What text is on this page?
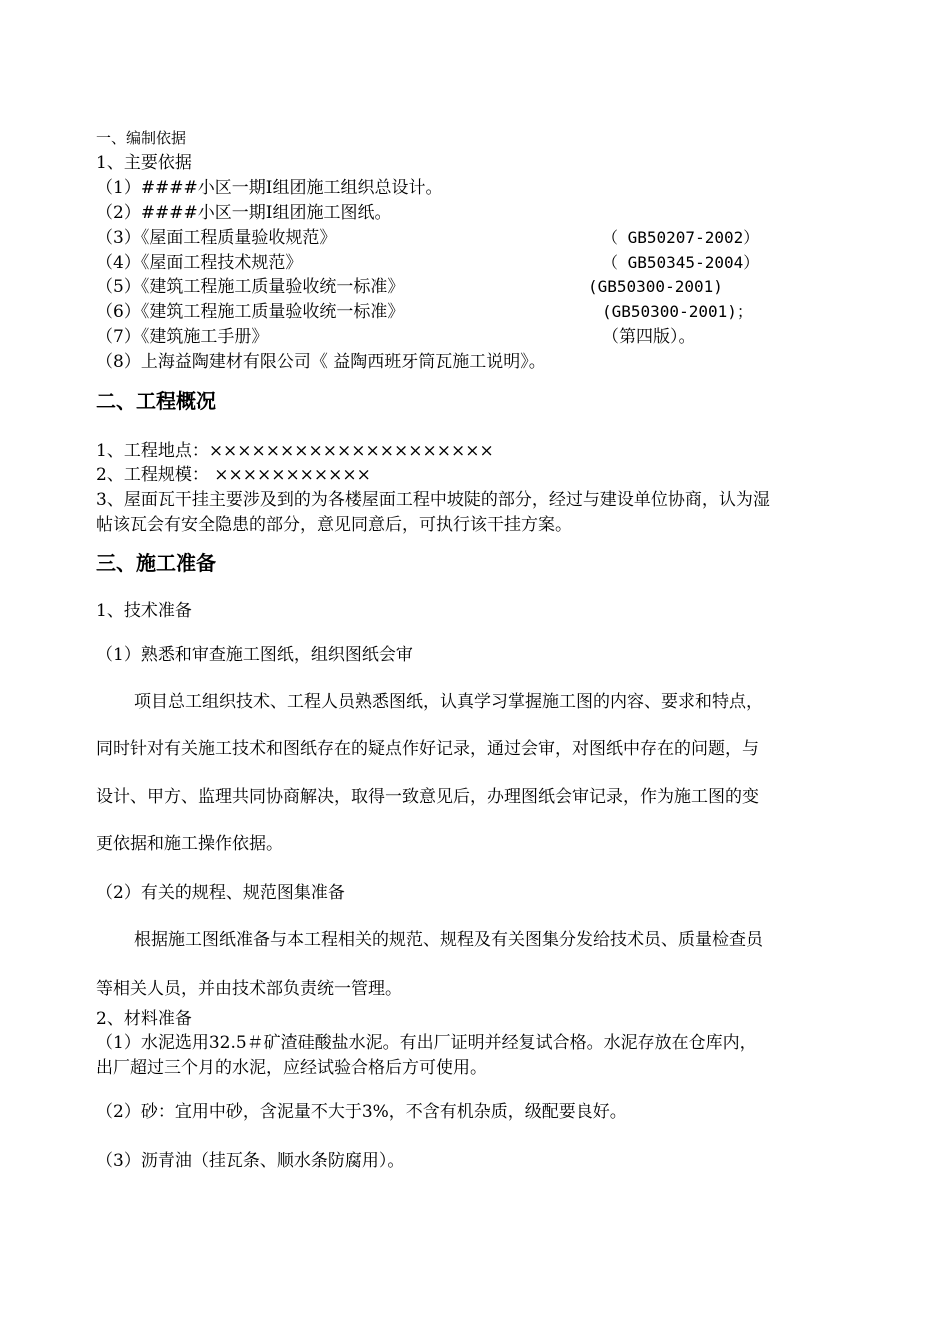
一、编制依据
1、主要依据
（1）####小区一期Ⅰ组团施工组织总设计。
（2）####小区一期Ⅰ组团施工图纸。
（3）《屋面工程质量验收规范》	（ GB50207-2002）
（4）《屋面工程技术规范》	（ GB50345-2004）
（5）《建筑工程施工质量验收统一标准》	(GB50300-2001)
（6）《建筑工程施工质量验收统一标准》	(GB50300-2001)；
（7）《建筑施工手册》	（第四版）。
（8）上海益陶建材有限公司《 益陶西班牙筒瓦施工说明》。
二、工程概况
1、工程地点：××××××××××××××××××××
2、工程规模： ×××××××××××
3、屋面瓦干挂主要涉及到的为各楼屋面工程中坡陡的部分，经过与建设单位协商，认为湿
帖该瓦会有安全隐患的部分，意见同意后，可执行该干挂方案。
三、施工准备
1、技术准备
（1）熟悉和审查施工图纸，组织图纸会审
项目总工组织技术、工程人员熟悉图纸，认真学习掌握施工图的内容、要求和特点，
同时针对有关施工技术和图纸存在的疑点作好记录，通过会审，对图纸中存在的问题，与
设计、甲方、监理共同协商解决，取得一致意见后，办理图纸会审记录，作为施工图的变
更依据和施工操作依据。
（2）有关的规程、规范图集准备
根据施工图纸准备与本工程相关的规范、规程及有关图集分发给技术员、质量检查员
等相关人员，并由技术部负责统一管理。
2、材料准备
（1）水泥选用32.5＃矿渣硅酸盐水泥。有出厂证明并经复试合格。水泥存放在仓库内，
出厂超过三个月的水泥，应经试验合格后方可使用。
（2）砂：宜用中砂，含泥量不大于3%，不含有机杂质，级配要良好。
（3）沥青油（挂瓦条、顺水条防腐用）。
